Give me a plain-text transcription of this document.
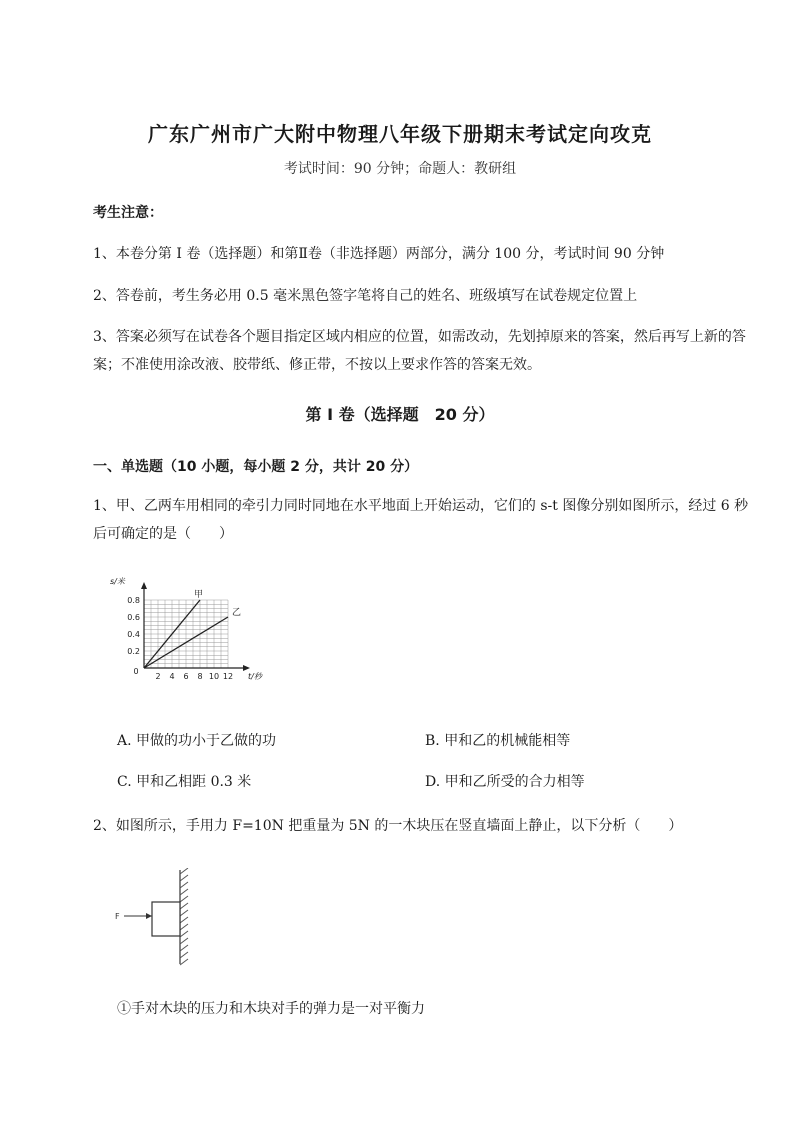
广东广州市广大附中物理八年级下册期末考试定向攻克
考试时间：90 分钟；命题人：教研组
考生注意：
1、本卷分第 I 卷（选择题）和第Ⅱ卷（非选择题）两部分，满分 100 分，考试时间 90 分钟
2、答卷前，考生务必用 0.5 毫米黑色签字笔将自己的姓名、班级填写在试卷规定位置上
3、答案必须写在试卷各个题目指定区域内相应的位置，如需改动，先划掉原来的答案，然后再写上新的答案；不准使用涂改液、胶带纸、修正带，不按以上要求作答的答案无效。
第 I 卷（选择题　20 分）
一、单选题（10 小题，每小题 2 分，共计 20 分）
1、甲、乙两车用相同的牵引力同时同地在水平地面上开始运动，它们的 s-t 图像分别如图所示，经过 6 秒后可确定的是（　　）
甲
乙
0.8
0.6
0.4
0.2
2 4 6 8 10 12
0
s/米
t/秒
A. 甲做的功小于乙做的功	B. 甲和乙的机械能相等
C. 甲和乙相距 0.3 米	D. 甲和乙所受的合力相等
2、如图所示，手用力 F=10N 把重量为 5N 的一木块压在竖直墙面上静止，以下分析（　　）
F
①手对木块的压力和木块对手的弹力是一对平衡力
